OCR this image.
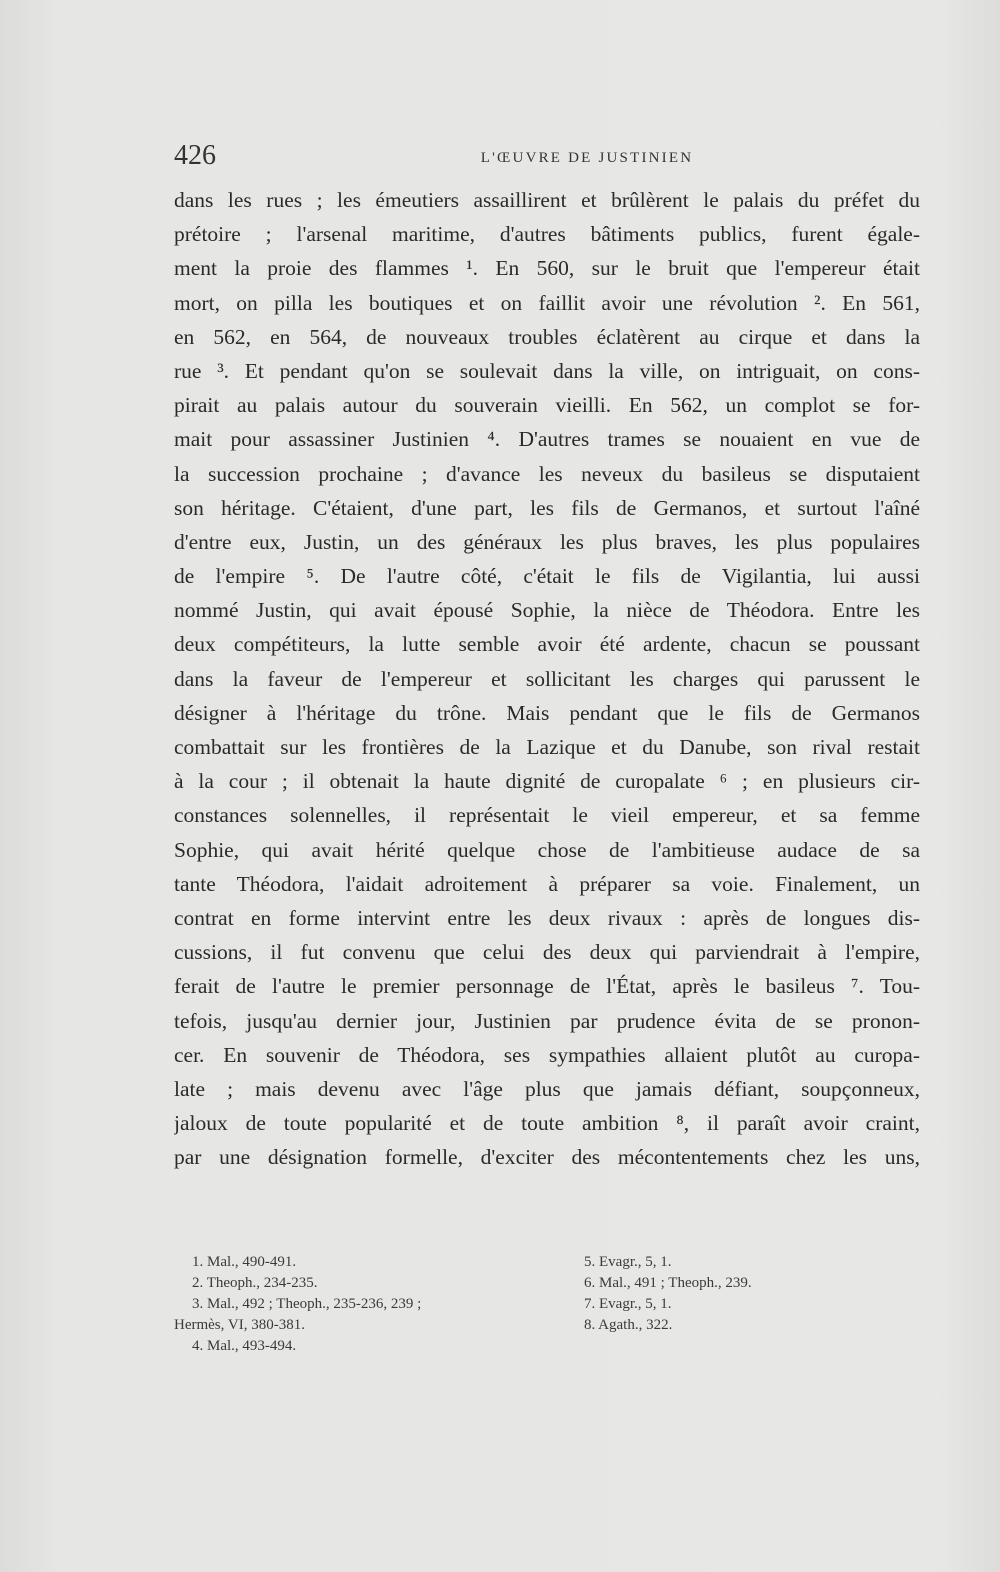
426	L'ŒUVRE DE JUSTINIEN
dans les rues ; les émeutiers assaillirent et brûlèrent le palais du préfet du
prétoire ; l'arsenal maritime, d'autres bâtiments publics, furent égale-
ment la proie des flammes ¹. En 560, sur le bruit que l'empereur était
mort, on pilla les boutiques et on faillit avoir une révolution ². En 561,
en 562, en 564, de nouveaux troubles éclatèrent au cirque et dans la
rue ³. Et pendant qu'on se soulevait dans la ville, on intriguait, on cons-
pirait au palais autour du souverain vieilli. En 562, un complot se for-
mait pour assassiner Justinien ⁴. D'autres trames se nouaient en vue de
la succession prochaine ; d'avance les neveux du basileus se disputaient
son héritage. C'étaient, d'une part, les fils de Germanos, et surtout l'aîné
d'entre eux, Justin, un des généraux les plus braves, les plus populaires
de l'empire ⁵. De l'autre côté, c'était le fils de Vigilantia, lui aussi
nommé Justin, qui avait épousé Sophie, la nièce de Théodora. Entre les
deux compétiteurs, la lutte semble avoir été ardente, chacun se poussant
dans la faveur de l'empereur et sollicitant les charges qui parussent le
désigner à l'héritage du trône. Mais pendant que le fils de Germanos
combattait sur les frontières de la Lazique et du Danube, son rival restait
à la cour ; il obtenait la haute dignité de curopalate ⁶ ; en plusieurs cir-
constances solennelles, il représentait le vieil empereur, et sa femme
Sophie, qui avait hérité quelque chose de l'ambitieuse audace de sa
tante Théodora, l'aidait adroitement à préparer sa voie. Finalement, un
contrat en forme intervint entre les deux rivaux : après de longues dis-
cussions, il fut convenu que celui des deux qui parviendrait à l'empire,
ferait de l'autre le premier personnage de l'État, après le basileus ⁷. Tou-
tefois, jusqu'au dernier jour, Justinien par prudence évita de se pronon-
cer. En souvenir de Théodora, ses sympathies allaient plutôt au curopa-
late ; mais devenu avec l'âge plus que jamais défiant, soupçonneux,
jaloux de toute popularité et de toute ambition ⁸, il paraît avoir craint,
par une désignation formelle, d'exciter des mécontentements chez les uns,
1. Mal., 490-491.
2. Theoph., 234-235.
3. Mal., 492 ; Theoph., 235-236, 239 ;
Hermès, VI, 380-381.
4. Mal., 493-494.
5. Evagr., 5, 1.
6. Mal., 491 ; Theoph., 239.
7. Evagr., 5, 1.
8. Agath., 322.
